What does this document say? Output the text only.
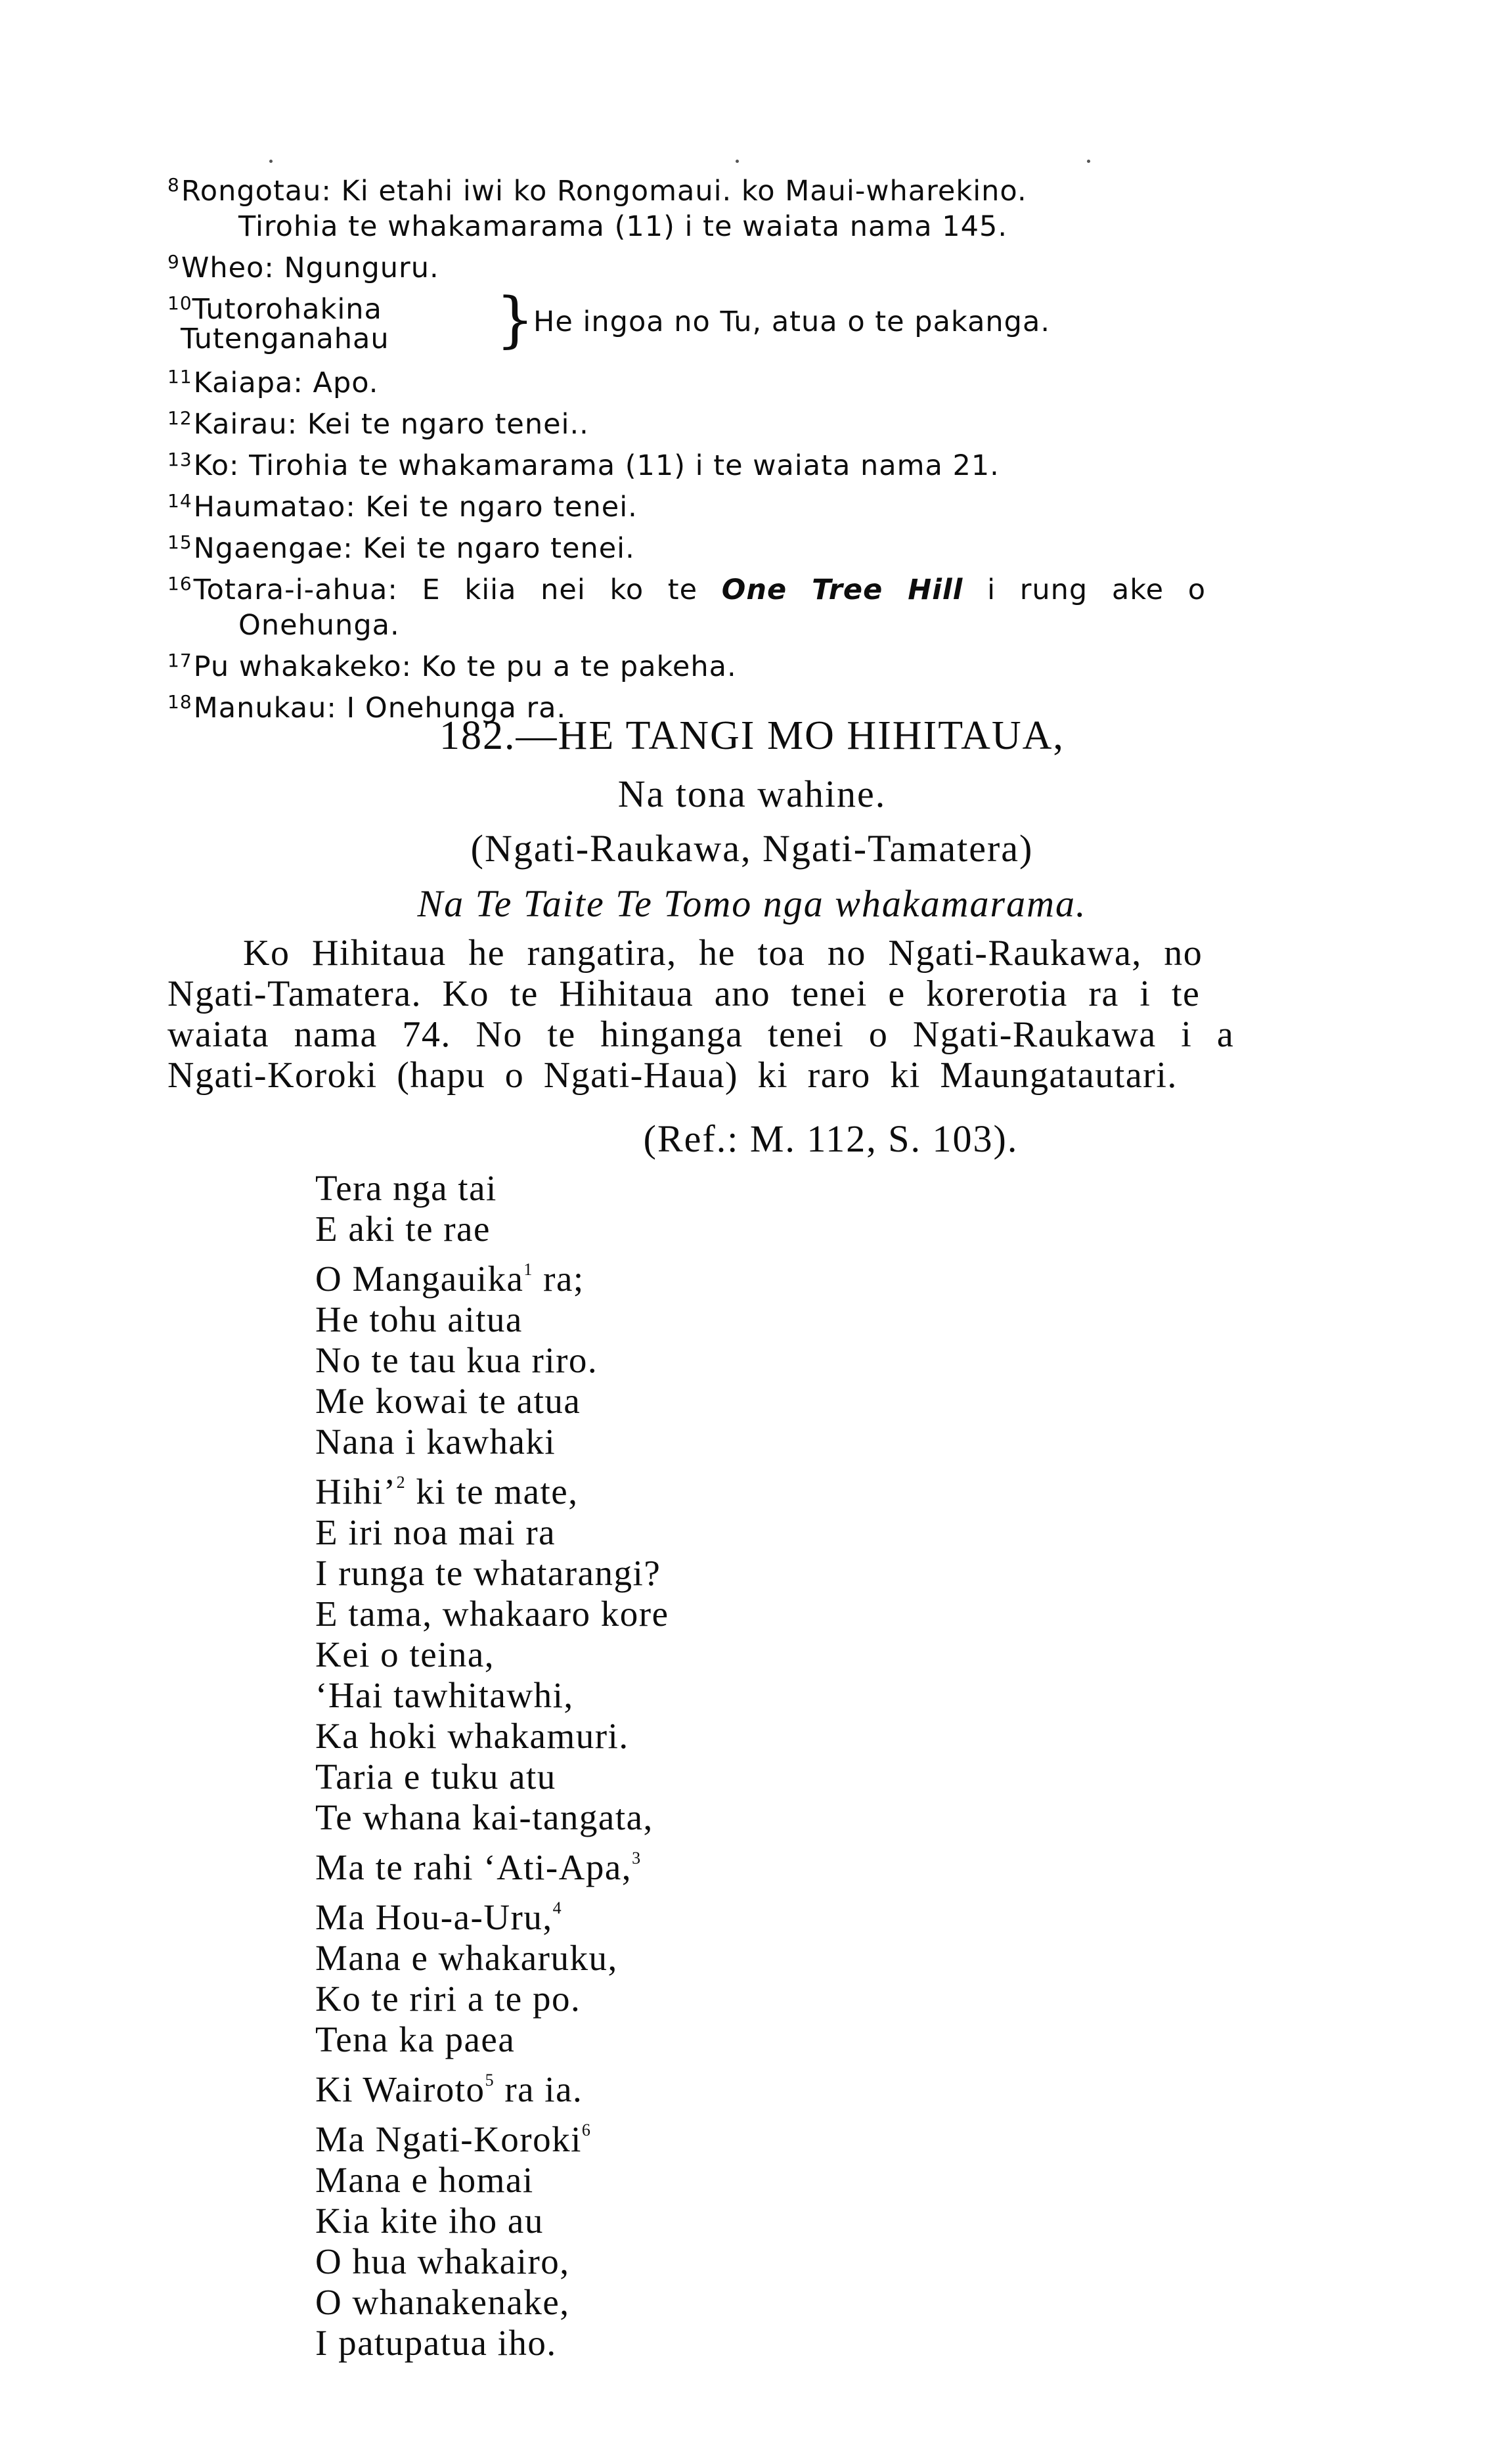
$^8$Rongotau: Ki etahi iwi ko Rongomaui. ko Maui-wharekino.
Tirohia te whakamarama (11) i te waiata nama 145.
$^9$Wheo: Ngunguru.
$^{10}$Tutorohakina
Tutenganahau }
He ingoa no Tu, atua o te pakanga.
$^{11}$Kaiapa: Apo.
$^{12}$Kairau: Kei te ngaro tenei..
$^{13}$Ko: Tirohia te whakamarama (11) i te waiata nama 21.
$^{14}$Haumatao: Kei te ngaro tenei.
$^{15}$Ngaengae: Kei te ngaro tenei.
$^{16}$Totara-i-ahua: E kiia nei ko te One Tree Hill i rung ake o
Onehunga.
$^{17}$Pu whakakeko: Ko te pu a te pakeha.
$^{18}$Manukau: I Onehunga ra.
182.—HE TANGI MO HIHITAUA,
Na tona wahine.
(Ngati-Raukawa, Ngati-Tamatera)
Na Te Taite Te Tomo nga whakamarama.
Ko Hihitaua he rangatira, he toa no Ngati-Raukawa, no
Ngati-Tamatera. Ko te Hihitaua ano tenei e korerotia ra i te
waiata nama 74. No te hinganga tenei o Ngati-Raukawa i a
Ngati-Koroki (hapu o Ngati-Haua) ki raro ki Maungatautari.
(Ref.: M. 112, S. 103).
Tera nga tai
E aki te rae
O Mangauika$^1$ ra;
He tohu aitua
No te tau kua riro.
Me kowai te atua
Nana i kawhaki
Hihi’$^2$ ki te mate,
E iri noa mai ra
I runga te whatarangi?
E tama, whakaaro kore
Kei o teina,
‘Hai tawhitawhi,
Ka hoki whakamuri.
Taria e tuku atu
Te whana kai-tangata,
Ma te rahi ‘Ati-Apa,$^3$
Ma Hou-a-Uru,$^4$
Mana e whakaruku,
Ko te riri a te po.
Tena ka paea
Ki Wairoto$^5$ ra ia.
Ma Ngati-Koroki$^6$
Mana e homai
Kia kite iho au
O hua whakairo,
O whanakenake,
I patupatua iho.
